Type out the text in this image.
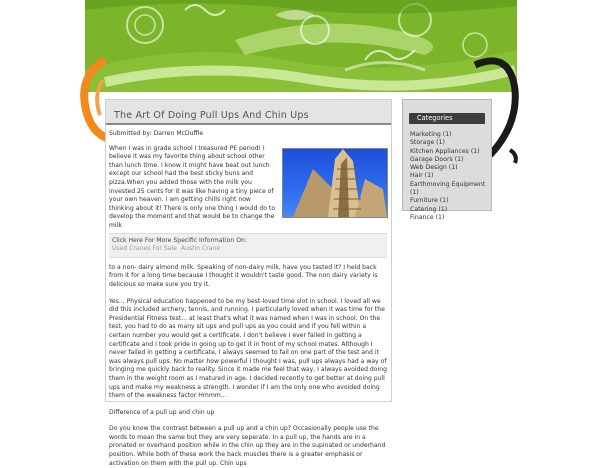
The Art Of Doing Pull Ups And Chin Ups
Submitted by: Darren McDuffie
When I was in grade school I treasured PE period! I believe it was my favorite thing about school other than lunch time. I know it might have beat out lunch except our school had the best sticky buns and pizza.When you added those with the milk you invested 25 cents for it was like having a tiny piece of your own heaven. I am getting chills right now thinking about it! There is only one thing I would do to develop the moment and that would be to change the milk
Click Here For More Specific Information On:
Used Cranes For Sale Austin Crane

to a non- dairy almond milk. Speaking of non-dairy milk, have you tasted it? I held back from it for a long time because I thought it wouldn't taste good. The non dairy variety is delicious so make sure you try it.

Yes... Physical education happened to be my best-loved time slot in school. I loved all we did this included archery, tennis, and running. I particularly loved when it was time for the Presidential Fitness test... at least that's what it was named when I was in school. On the test, you had to do as many sit ups and pull ups as you could and if you fell within a certain number you would get a certificate. I don't believe I ever failed in getting a certificate and I took pride in going up to get it in front of my school mates. Although I never failed in getting a certificate, I always seemed to fail on one part of the test and it was always pull ups. No matter how powerful I thought I was, pull ups always had a way of bringing me quickly back to reality. Since it made me feel that way, I always avoided doing them in the weight room as I matured in age. I decided recently to get better at doing pull ups and make my weakness a strength. I wonder if I am the only one who avoided doing them of the weakness factor Hmmm...

Difference of a pull up and chin up

Do you know the contrast between a pull up and a chin up? Occasionally people use the words to mean the same but they are very seperate. In a pull up, the hands are in a pronated or overhand position while in the chin up they are in the supinated or underhand position. While both of these work the back muscles there is a greater emphasis or activation on them with the pull up. Chin ups

Categories
Marketing (1)
Storage (1)
Kitchen Appliances (1)
Garage Doors (1)
Web Design (1)
Hair (1)
Earthmoving Equipment (1)
Furniture (1)
Catering (1)
Finance (1)
